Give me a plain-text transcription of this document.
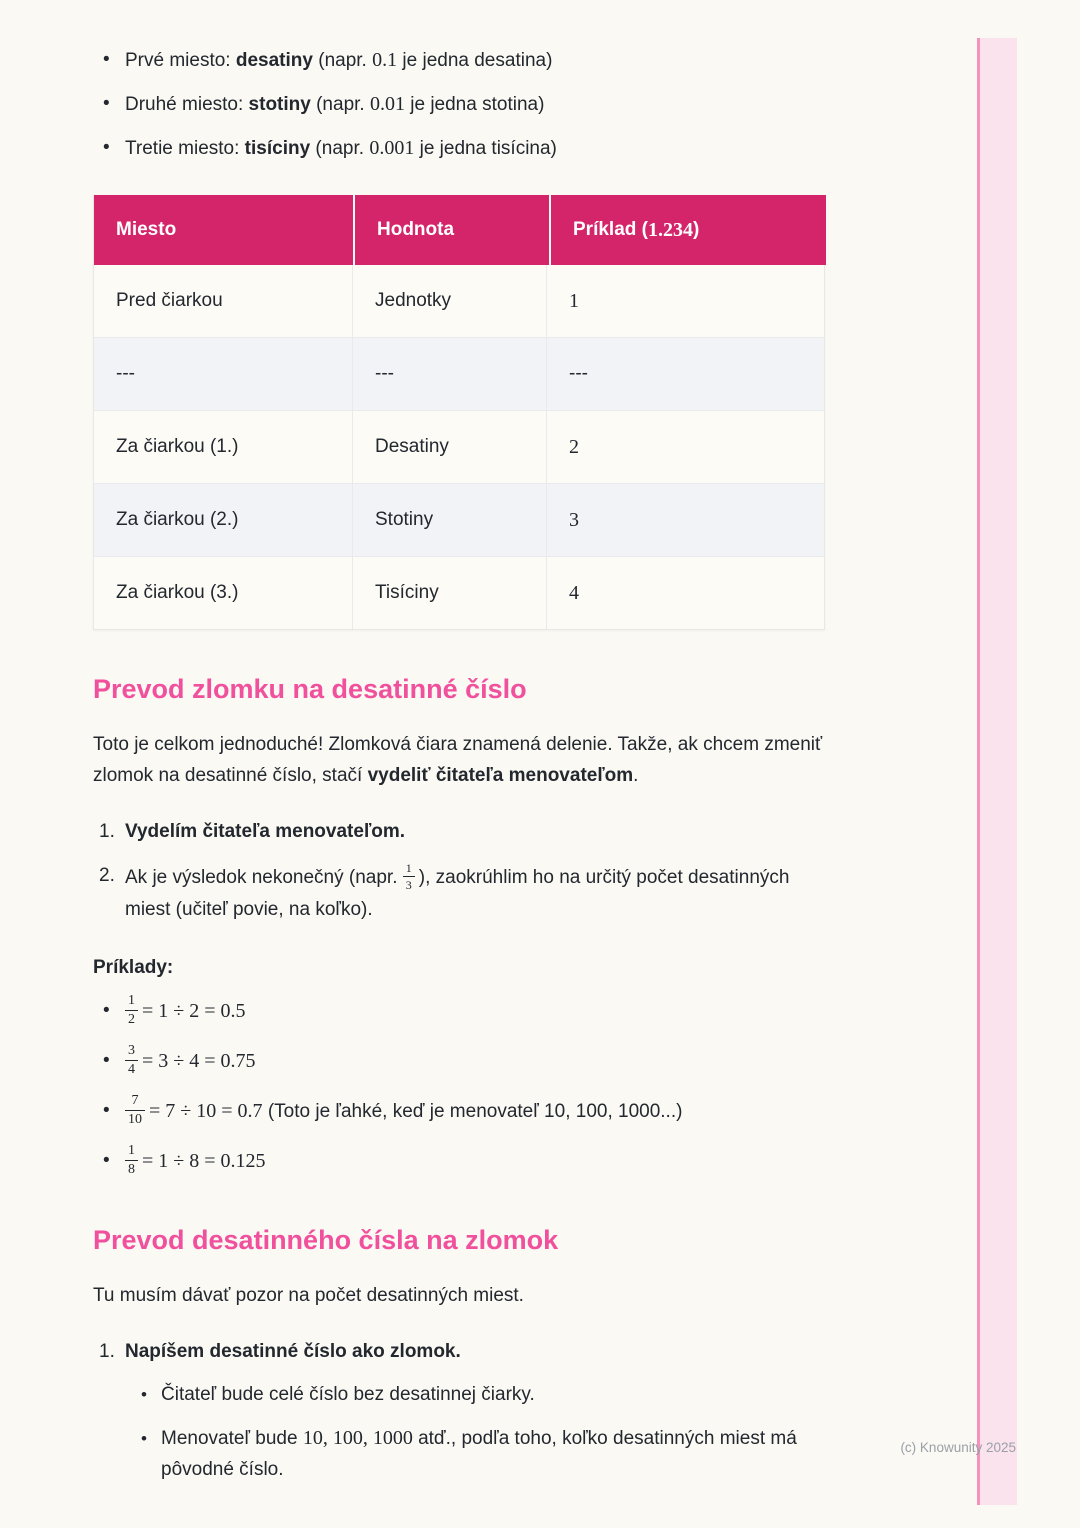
• Prvé miesto: desatiny (napr. 0.1 je jedna desatina)
• Druhé miesto: stotiny (napr. 0.01 je jedna stotina)
• Tretie miesto: tisíciny (napr. 0.001 je jedna tisícina)
Miesto	Hodnota	Príklad ( 1.234 )
Pred čiarkou	Jednotky	1
---	---	---
Za čiarkou (1.)	Desatiny	2
Za čiarkou (2.)	Stotiny	3
Za čiarkou (3.)	Tisíciny	4
Prevod zlomku na desatinné číslo
Toto je celkom jednoduché! Zlomková čiara znamená delenie. Takže, ak chcem zmeniť zlomok na desatinné číslo, stačí vydeliť čitateľa menovateľom.
1. Vydelím čitateľa menovateľom.
2. Ak je výsledok nekonečný (napr. $\frac{1}{3}$ ), zaokrúhlim ho na určitý počet desatinných miest (učiteľ povie, na koľko).
Príklady:
• $\frac{1}{2} = 1 \div 2 = 0.5$
• $\frac{3}{4} = 3 \div 4 = 0.75$
• $\frac{7}{10} = 7 \div 10 = 0.7$ (Toto je ľahké, keď je menovateľ 10, 100, 1000...)
• $\frac{1}{8} = 1 \div 8 = 0.125$
Prevod desatinného čísla na zlomok
Tu musím dávať pozor na počet desatinných miest.
1. Napíšem desatinné číslo ako zlomok.
• Čitateľ bude celé číslo bez desatinnej čiarky.
• Menovateľ bude 10, 100, 1000 atď., podľa toho, koľko desatinných miest má pôvodné číslo.
(c) Knowunity 2025
